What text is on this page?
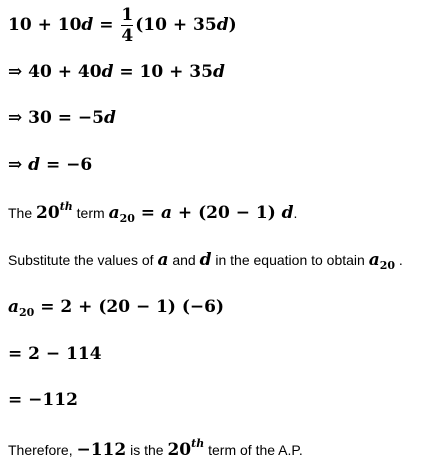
$10 + 10d = \frac{1}{4} (10 + 35d)$
⇒ 40 + 40d = 10 + 35d
⇒ 30 = −5d
⇒ d = −6
The 20th term $a_{20} = a + (20 - 1)$ d.
Substitute the values of a and d in the equation to obtain $a_{20}$ .
$a_{20} = 2 + (20 - 1)$ (−6)
= 2 − 114
= −112
Therefore, −112 is the 20th term of the A.P.
